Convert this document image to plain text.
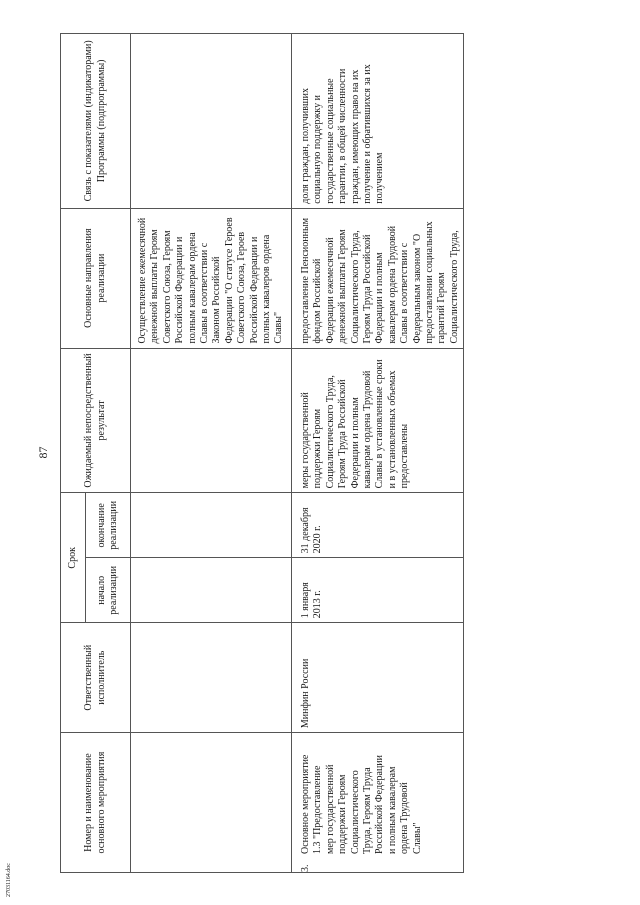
27031164.doc
87
Номер и наименование основного мероприятия	Ответственный исполнитель	Срок		Ожидаемый непосредственный результат	Основные направления реализации	Связь с показателями (индикаторами) Программы (подпрограммы)
		начало реализации	окончание реализации			
					Осуществление ежемесячной денежной выплаты Героям Советского Союза, Героям Российской Федерации и полным кавалерам ордена Славы в соответствии с Законом Российской Федерации "О статусе Героев Советского Союза, Героев Российской Федерации и полных кавалеров ордена Славы"	
3.Основное мероприятие 1.3 "Предоставление мер государственной поддержки Героям Социалистического Труда, Героям Труда Российской Федерации и полным кавалерам ордена Трудовой Славы"	Минфин России	1 января 2013 г.	31 декабря 2020 г.	меры государственной поддержки Героям Социалистического Труда, Героям Труда Российской Федерации и полным кавалерам ордена Трудовой Славы в установленные сроки и в установленных объемах предоставлены	предоставление Пенсионным фондом Российской Федерации ежемесячной денежной выплаты Героям Социалистического Труда, Героям Труда Российской Федерации и полным кавалерам ордена Трудовой Славы в соответствии с Федеральным законом "О предоставлении социальных гарантий Героям Социалистического Труда,	доля граждан, получивших социальную поддержку и государственные социальные гарантии, в общей численности граждан, имеющих право на их получение и обратившихся за их получением
